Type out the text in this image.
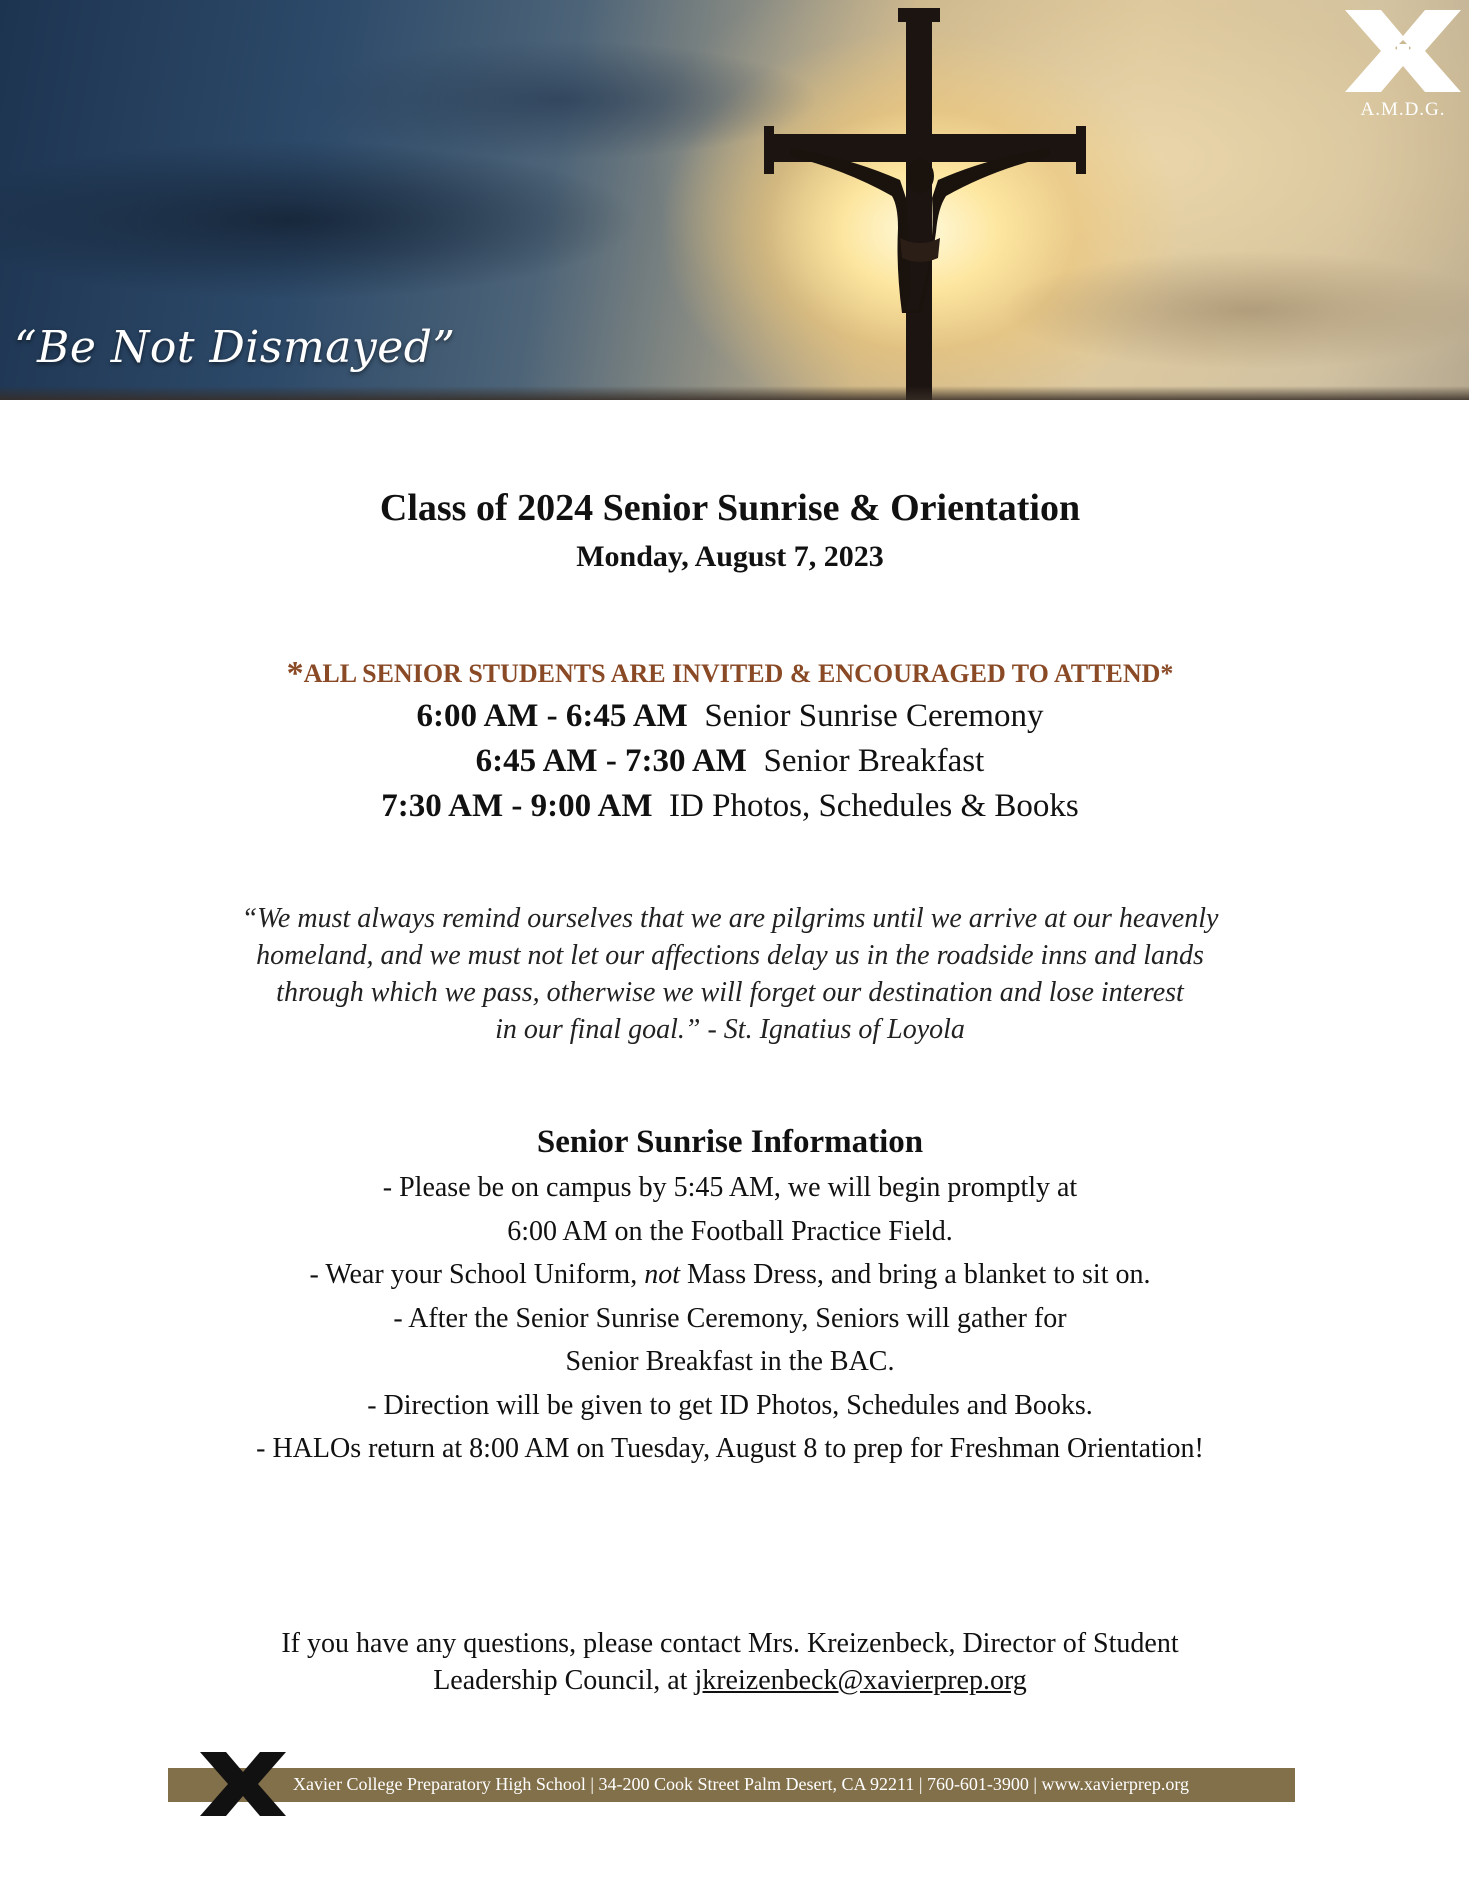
“Be Not Dismayed”
A.M.D.G.
Class of 2024 Senior Sunrise & Orientation
Monday, August 7, 2023
*ALL SENIOR STUDENTS ARE INVITED & ENCOURAGED TO ATTEND*
6:00 AM - 6:45 AM Senior Sunrise Ceremony
6:45 AM - 7:30 AM Senior Breakfast
7:30 AM - 9:00 AM ID Photos, Schedules & Books
“We must always remind ourselves that we are pilgrims until we arrive at our heavenly
homeland, and we must not let our affections delay us in the roadside inns and lands
through which we pass, otherwise we will forget our destination and lose interest
in our final goal.” - St. Ignatius of Loyola
Senior Sunrise Information
- Please be on campus by 5:45 AM, we will begin promptly at
6:00 AM on the Football Practice Field.
- Wear your School Uniform, not Mass Dress, and bring a blanket to sit on.
- After the Senior Sunrise Ceremony, Seniors will gather for
Senior Breakfast in the BAC.
- Direction will be given to get ID Photos, Schedules and Books.
- HALOs return at 8:00 AM on Tuesday, August 8 to prep for Freshman Orientation!
If you have any questions, please contact Mrs. Kreizenbeck, Director of Student
Leadership Council, at jkreizenbeck@xavierprep.org
Xavier College Preparatory High School | 34-200 Cook Street Palm Desert, CA 92211 | 760-601-3900 | www.xavierprep.org
